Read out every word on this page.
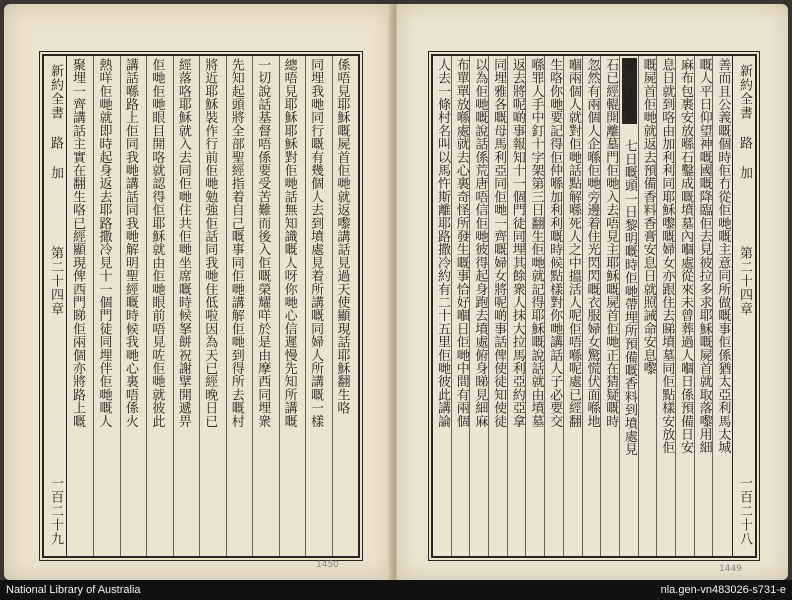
新約全書 路 加
第二十四章
一百二十九
係唔見耶穌嘅屍首佢哋就返嚟講話見過天使顯現話耶穌翻生咯
同埋我哋同行嘅有幾個人去到墳處見着所講嘅同婦人所講嘅一樣
總唔見耶穌耶穌對佢哋話無知識嘅人呀你哋心信遲慢先知所講嘅
一切說話基督唔係要受苦難而後入佢嘅榮耀咩於是由摩西同埋衆
先知起頭將全部聖經指着自己嘅事同佢哋講解佢哋到得所去嘅村
將近耶穌裝作行前佢哋勉強佢話同我哋住低啦因為天已經晚日已
經落咯耶穌就入去同佢哋住共佢哋坐席嘅時候拏餅祝謝擘開遞畀
佢哋佢哋眼目開咯就認得佢耶穌就由佢哋眼前唔見咗佢哋就彼此
講話喺路上佢同我哋講話同我哋解明聖經嘅時候我哋心裏唔係火
熱咩佢哋就即時起身返去耶路撒冷見十一個門徒同埋伴佢哋嘅人
聚埋一齊講話主實在翻生咯已經顯現俾西門睇佢兩個亦將路上嘅
1450
新約全書 路 加
第二十四章
一百二十八
善而且公義嘅個時佢冇從佢哋嘅主意同所做嘅事佢係猶太亞利馬太城
嘅人平日仰望神嘅國嘅降臨佢去見彼拉多求耶穌嘅屍首就取落嚟用細
麻布包裹安放喺石鑿成嘅墳墓內嗰處從來未曾葬過人嗰日係預備日安
息日就到咯由加利利同耶穌嚟嘅婦女亦跟住去睇墳墓同佢點樣安放佢
嘅屍首佢哋就返去預備香料香膏安息日就照誡命安息嚟
第二十四章 七日嘅頭一日黎明嘅時佢哋帶埋所預備嘅香料到墳處見
石已經輥開離墓門佢哋入去唔見主耶穌嘅屍首佢哋正在猜疑嘅時
忽然有兩個人企喺佢哋旁邊着住光閃閃嘅衣服婦女驚慌伏面喺地
嗰兩個人就對佢哋話點解喺死人之中搵活人呢佢唔喺呢處已經翻
生咯你哋要記得佢仲喺加利利嘅時候點樣對你哋講話人子必要交
喺罪人手中釘十字架第三日翻生佢哋就記得耶穌嘅說話就由墳墓
返去將呢啲事報知十一個門徒同埋其餘衆人抹大拉馬利亞約亞拿
同埋雅各嘅母馬利亞同佢哋一齊嘅婦女將呢啲事話俾使徒知使徒
以為佢哋嘅說話係荒唐唔信佢哋彼得起身跑去墳處俯身睇見細麻
布單單放喺處就去心裏奇怪所發生嘅事恰好嗰日佢哋中間有兩個
人去一條村名叫以馬忤斯離耶路撒冷約有二十五里佢哋彼此講論
1449
National Library of Australia	nla.gen-vn483026-s731-e
